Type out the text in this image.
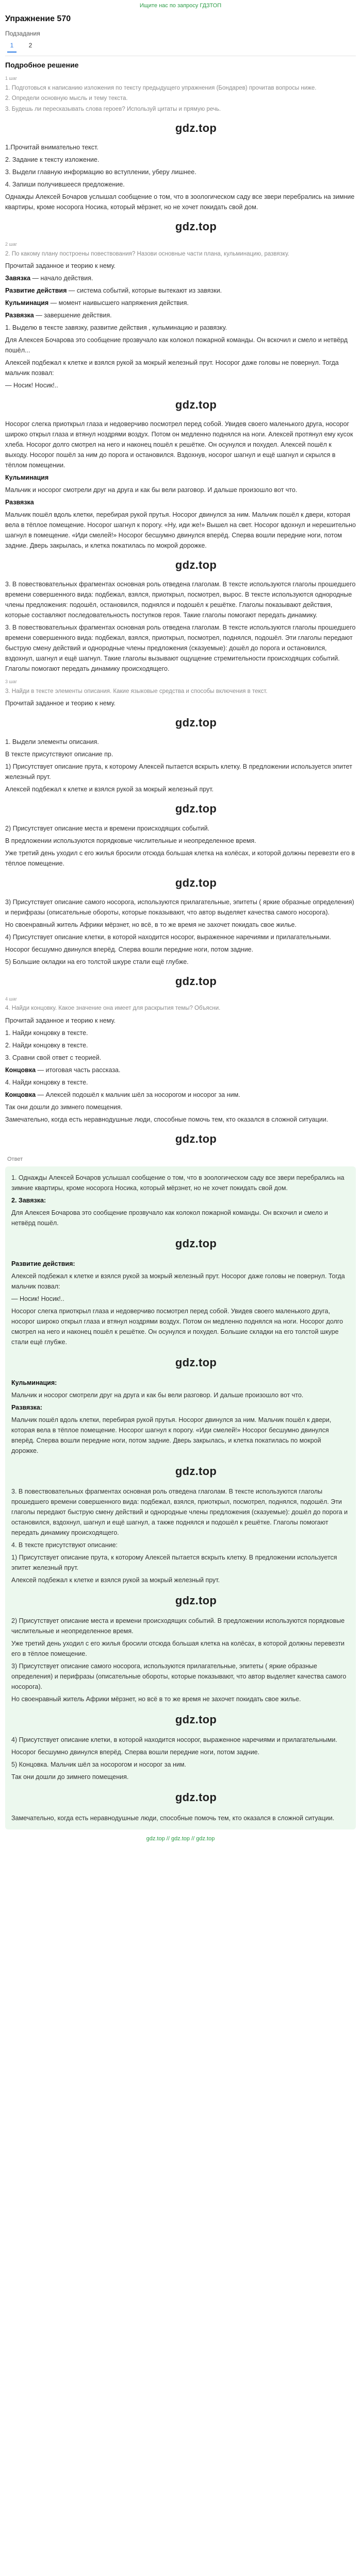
Ищите нас по запросу ГДЗТОП
Упражнение 570
Подзадания
1	2
Подробное решение
1 шаг

1. Подготовься к написанию изложения по тексту предыдущего упражнения (Бондарев) прочитав вопросы ниже.

2. Определи основную мысль и тему текста.

3. Будешь ли пересказывать слова героев? Используй цитаты и прямую речь.

gdz.top

1.Прочитай внимательно текст.

2. Задание к тексту изложение.

3. Выдели главную информацию во вступлении, уберу лишнее.

4. Запиши получившееся предложение.

Однажды Алексей Бочаров услышал сообщение о том, что в зоологическом саду все звери перебрались на зимние квартиры, кроме носорога Носика, который мёрзнет, но не хочет покидать свой дом.

gdz.top
2 шаг

2. По какому плану построены повествования? Назови основные части плана, кульминацию, развязку.

Прочитай заданное и теорию к нему.

Завязка — начало действия.

Развитие действия — система событий, которые вытекают из завязки.

Кульминация — момент наивысшего напряжения действия.

Развязка — завершение действия.

1. Выделю в тексте завязку, развитие действия , кульминацию и развязку.

Для Алексея Бочарова это сообщение прозвучало как колокол пожарной команды. Он вскочил и смело и нетвёрд пошёл...

Алексей подбежал к клетке и взялся рукой за мокрый железный прут. Носорог даже головы не повернул. Тогда мальчик позвал:

— Носик! Носик!..

gdz.top

Носорог слегка приоткрыл глаза и недоверчиво посмотрел перед собой. Увидев своего маленького друга, носорог широко открыл глаза и втянул ноздрями воздух. Потом он медленно поднялся на ноги. Алексей протянул ему кусок хлеба. Носорог долго смотрел на него и наконец пошёл к решётке. Он осунулся и похудел. Алексей пошёл к выходу. Носорог пошёл за ним до порога и остановился. Вздохнув, носорог шагнул и ещё шагнул и скрылся в тёплом помещении.

Кульминация

Мальчик и носорог смотрели друг на друга и как бы вели разговор. И дальше произошло вот что.

Развязка

Мальчик пошёл вдоль клетки, перебирая рукой прутья. Носорог двинулся за ним. Мальчик пошёл к двери, которая вела в тёплое помещение. Носорог шагнул к порогу. «Ну, иди же!» Вышел на свет. Носорог вдохнул и нерешительно шагнул в помещение. «Иди смелей!» Носорог бесшумно двинулся вперёд. Сперва вошли передние ноги, потом задние. Дверь закрылась, и клетка покатилась по мокрой дорожке.

gdz.top

3. В повествовательных фрагментах основная роль отведена глаголам. В тексте используются глаголы прошедшего времени совершенного вида: подбежал, взялся, приоткрыл, посмотрел, вырос. В тексте используются однородные члены предложения: подошёл, остановился, поднялся и подошёл к решётке. Глаголы показывают действия, которые составляют последовательность поступков героя. Такие глаголы помогают передать динамику.

3. В повествовательных фрагментах основная роль отведена глаголам. В тексте используются глаголы прошедшего времени совершенного вида: подбежал, взялся, приоткрыл, посмотрел, поднялся, подошёл. Эти глаголы передают быструю смену действий и однородные члены предложения (сказуемые): дошёл до порога и остановился, вздохнул, шагнул и ещё шагнул. Такие глаголы вызывают ощущение стремительности происходящих событий. Глаголы помогают передать динамику происходящего.

3 шаг

3. Найди в тексте элементы описания. Какие языковые средства и способы включения в текст.

Прочитай заданное и теорию к нему.

gdz.top

1. Выдели элементы описания.

В тексте присутствуют описание пр.

1) Присутствует описание прута, к которому Алексей пытается вскрыть клетку. В предложении используется эпитет железный прут.

Алексей подбежал к клетке и взялся рукой за мокрый железный прут.

gdz.top

2) Присутствует описание места и времени происходящих событий.

В предложении используются порядковые числительные и неопределенное время.

Уже третий день уходил с его жилья бросили отсюда большая клетка на колёсах, и которой должны перевезти его в тёплое помещение.

gdz.top

3) Присутствует описание самого носорога, используются прилагательные, эпитеты ( яркие образные определения) и перифразы (описательные обороты, которые показывают, что автор выделяет качества самого носорога).

Но своенравный житель Африки мёрзнет, но всё, в то же время не захочет покидать свое жилье.

4) Присутствует описание клетки, в которой находится носорог, выраженное наречиями и прилагательными.

Носорог бесшумно двинулся вперёд. Сперва вошли передние ноги, потом задние.

5) Большие окладки на его толстой шкуре стали ещё глубже.

gdz.top
4 шаг

4. Найди концовку. Какое значение она имеет для раскрытия темы? Объясни.

Прочитай заданное и теорию к нему.

1. Найди концовку в тексте.

2. Найди концовку в тексте.

3. Сравни свой ответ с теорией.

Концовка — итоговая часть рассказа.

4. Найди концовку в тексте.

Концовка — Алексей подошёл к мальчик шёл за носорогом и носорог за ним.

Так они дошли до зимнего помещения.

Замечательно, когда есть неравнодушные люди, способные помочь тем, кто оказался в сложной ситуации.

gdz.top
Ответ

1. Однажды Алексей Бочаров услышал сообщение о том, что в зоологическом саду все звери перебрались на зимние квартиры, кроме носорога Носика, который мёрзнет, но не хочет покидать свой дом.

2. Завязка:

Для Алексея Бочарова это сообщение прозвучало как колокол пожарной команды. Он вскочил и смело и нетвёрд пошёл.

gdz.top

Развитие действия:

Алексей подбежал к клетке и взялся рукой за мокрый железный прут. Носорог даже головы не повернул. Тогда мальчик позвал:

— Носик! Носик!..

Носорог слегка приоткрыл глаза и недоверчиво посмотрел перед собой. Увидев своего маленького друга, носорог широко открыл глаза и втянул ноздрями воздух. Потом он медленно поднялся на ноги. Носорог долго смотрел на него и наконец пошёл к решётке. Он осунулся и похудел. Большие складки на его толстой шкуре стали ещё глубже.

gdz.top

Кульминация:

Мальчик и носорог смотрели друг на друга и как бы вели разговор. И дальше произошло вот что.

Развязка:

Мальчик пошёл вдоль клетки, перебирая рукой прутья. Носорог двинулся за ним. Мальчик пошёл к двери, которая вела в тёплое помещение. Носорог шагнул к порогу. «Иди смелей!» Носорог бесшумно двинулся вперёд. Сперва вошли передние ноги, потом задние. Дверь закрылась, и клетка покатилась по мокрой дорожке.

gdz.top

3. В повествовательных фрагментах основная роль отведена глаголам. В тексте используются глаголы прошедшего времени совершенного вида: подбежал, взялся, приоткрыл, посмотрел, поднялся, подошёл. Эти глаголы передают быструю смену действий и однородные члены предложения (сказуемые): дошёл до порога и остановился, вздохнул, шагнул и ещё шагнул, а также поднялся и подошёл к решётке. Глаголы помогают передать динамику происходящего.

4. В тексте присутствуют описание:

1) Присутствует описание прута, к которому Алексей пытается вскрыть клетку. В предложении используется эпитет железный прут.

Алексей подбежал к клетке и взялся рукой за мокрый железный прут.

gdz.top

2) Присутствует описание места и времени происходящих событий. В предложении используются порядковые числительные и неопределенное время.

Уже третий день уходил с его жилья бросили отсюда большая клетка на колёсах, в которой должны перевезти его в тёплое помещение.

3) Присутствует описание самого носорога, используются прилагательные, эпитеты ( яркие образные определения) и перифразы (описательные обороты, которые показывают, что автор выделяет качества самого носорога).

Но своенравный житель Африки мёрзнет, но всё в то же время не захочет покидать свое жилье.

gdz.top

4) Присутствует описание клетки, в которой находится носорог, выраженное наречиями и прилагательными.

Носорог бесшумно двинулся вперёд. Сперва вошли передние ноги, потом задние.

5) Концовка. Мальчик шёл за носорогом и носорог за ним.

Так они дошли до зимнего помещения.

gdz.top

Замечательно, когда есть неравнодушные люди, способные помочь тем, кто оказался в сложной ситуации.

gdz.top // gdz.top // gdz.top
